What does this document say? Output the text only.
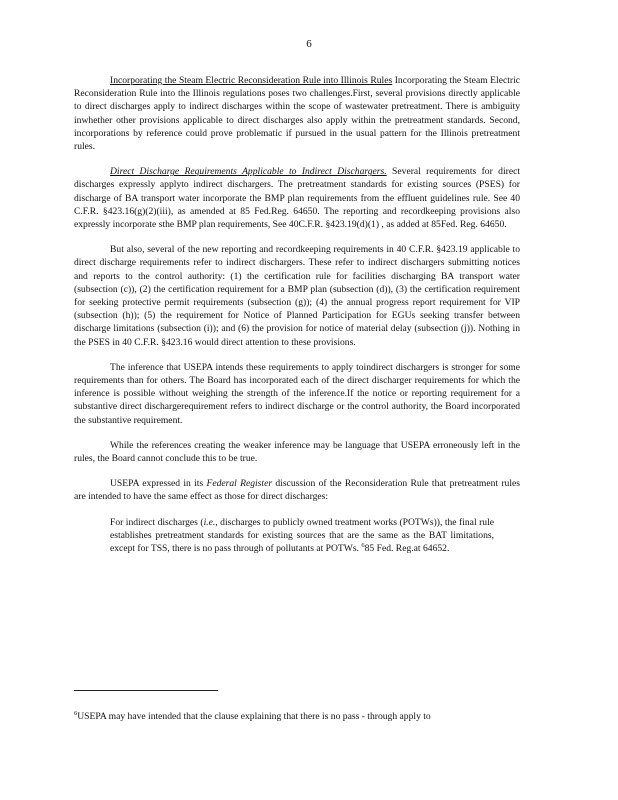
6

Incorporating the Steam Electric Reconsideration Rule into Illinois Rules Incorporating the Steam Electric Reconsideration Rule into the Illinois regulations poses two challenges.First, several provisions directly applicable to direct discharges apply to indirect discharges within the scope of wastewater pretreatment. There is ambiguity inwhether other provisions applicable to direct discharges also apply within the pretreatment standards. Second, incorporations by reference could prove problematic if pursued in the usual pattern for the Illinois pretreatment rules.

Direct Discharge Requirements Applicable to Indirect Dischargers. Several requirements for direct discharges expressly applyto indirect dischargers. The pretreatment standards for existing sources (PSES) for discharge of BA transport water incorporate the BMP plan requirements from the effluent guidelines rule. See 40 C.F.R. §423.16(g)(2)(iii), as amended at 85 Fed.Reg. 64650. The reporting and recordkeeping provisions also expressly incorporate sthe BMP plan requirements, See 40C.F.R. §423.19(d)(1) , as added at 85Fed. Reg. 64650.

But also, several of the new reporting and recordkeeping requirements in 40 C.F.R. §423.19 applicable to direct discharge requirements refer to indirect dischargers. These refer to indirect dischargers submitting notices and reports to the control authority: (1) the certification rule for facilities discharging BA transport water (subsection (c)), (2) the certification requirement for a BMP plan (subsection (d)), (3) the certification requirement for seeking protective permit requirements (subsection (g)); (4) the annual progress report requirement for VIP (subsection (h)); (5) the requirement for Notice of Planned Participation for EGUs seeking transfer between discharge limitations (subsection (i)); and (6) the provision for notice of material delay (subsection (j)). Nothing in the PSES in 40 C.F.R. §423.16 would direct attention to these provisions.

The inference that USEPA intends these requirements to apply toindirect dischargers is stronger for some requirements than for others. The Board has incorporated each of the direct discharger requirements for which the inference is possible without weighing the strength of the inference.If the notice or reporting requirement for a substantive direct dischargerequirement refers to indirect discharge or the control authority, the Board incorporated the substantive requirement.

While the references creating the weaker inference may be language that USEPA erroneously left in the rules, the Board cannot conclude this to be true.

USEPA expressed in its Federal Register discussion of the Reconsideration Rule that pretreatment rules are intended to have the same effect as those for direct discharges:

For indirect discharges (i.e., discharges to publicly owned treatment works (POTWs)), the final rule establishes pretreatment standards for existing sources that are the same as the BAT limitations, except for TSS, there is no pass through of pollutants at POTWs. $^6$85 Fed. Reg.at 64652.

$^6$USEPA may have intended that the clause explaining that there is no pass - through apply to
